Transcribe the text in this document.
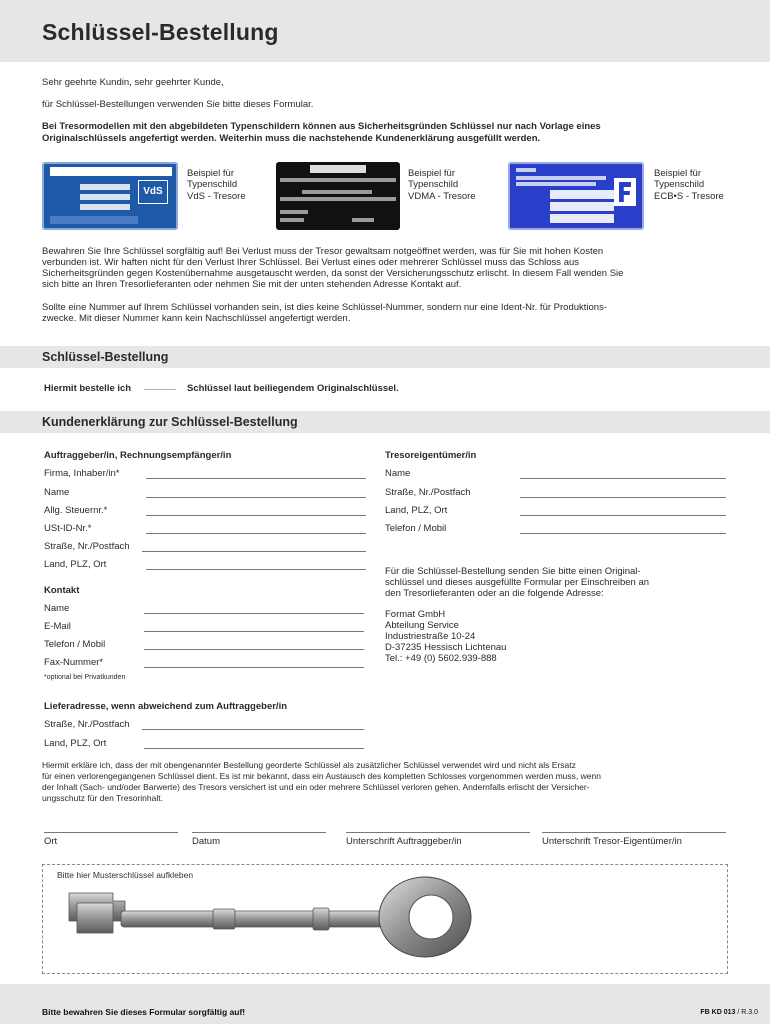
Schlüssel-Bestellung
Sehr geehrte Kundin, sehr geehrter Kunde,
für Schlüssel-Bestellungen verwenden Sie bitte dieses Formular.
Bei Tresormodellen mit den abgebildeten Typenschildern können aus Sicherheitsgründen Schlüssel nur nach Vorlage eines
Originalschlüssels angefertigt werden. Weiterhin muss die nachstehende Kundenerklärung ausgefüllt werden.
VdS
Beispiel für
Typenschild
VdS - Tresore
Beispiel für
Typenschild
VDMA - Tresore
Beispiel für
Typenschild
ECB•S - Tresore
Bewahren Sie Ihre Schlüssel sorgfältig auf! Bei Verlust muss der Tresor gewaltsam notgeöffnet werden, was für Sie mit hohen Kosten
verbunden ist. Wir haften nicht für den Verlust Ihrer Schlüssel. Bei Verlust eines oder mehrerer Schlüssel muss das Schloss aus
Sicherheitsgründen gegen Kostenübernahme ausgetauscht werden, da sonst der Versicherungsschutz erlischt. In diesem Fall wenden Sie
sich bitte an Ihren Tresorlieferanten oder nehmen Sie mit der unten stehenden Adresse Kontakt auf.
Sollte eine Nummer auf Ihrem Schlüssel vorhanden sein, ist dies keine Schlüssel-Nummer, sondern nur eine Ident-Nr. für Produktions-
zwecke. Mit dieser Nummer kann kein Nachschlüssel angefertigt werden.
Schlüssel-Bestellung
Hiermit bestelle ich ______ Schlüssel laut beiliegendem Originalschlüssel.
Kundenerklärung zur Schlüssel-Bestellung
Auftraggeber/in, Rechnungsempfänger/in
Firma, Inhaber/in*
Name
Allg. Steuernr.*
USt-ID-Nr.*
Straße, Nr./Postfach
Land, PLZ, Ort
Kontakt
Name
E-Mail
Telefon / Mobil
Fax-Nummer*
*optional bei Privatkunden
Tresoreigentümer/in
Name
Straße, Nr./Postfach
Land, PLZ, Ort
Telefon / Mobil
Für die Schlüssel-Bestellung senden Sie bitte einen Original-
schlüssel und dieses ausgefüllte Formular per Einschreiben an
den Tresorlieferanten oder an die folgende Adresse:
Format GmbH
Abteilung Service
Industriestraße 10-24
D-37235 Hessisch Lichtenau
Tel.: +49 (0) 5602.939-888
Lieferadresse, wenn abweichend zum Auftraggeber/in
Straße, Nr./Postfach
Land, PLZ, Ort
Hiermit erkläre ich, dass der mit obengenannter Bestellung georderte Schlüssel als zusätzlicher Schlüssel verwendet wird und nicht als Ersatz
für einen verlorengegangenen Schlüssel dient. Es ist mir bekannt, dass ein Austausch des kompletten Schlosses vorgenommen werden muss, wenn
der Inhalt (Sach- und/oder Barwerte) des Tresors versichert ist und ein oder mehrere Schlüssel verloren gehen. Andernfalls erlischt der Versicher-
ungsschutz für den Tresorinhalt.
Ort	Datum	Unterschrift Auftraggeber/in	Unterschrift Tresor-Eigentümer/in
Bitte hier Musterschlüssel aufkleben
Bitte bewahren Sie dieses Formular sorgfältig auf!	FB KD 013 / R.3.0
